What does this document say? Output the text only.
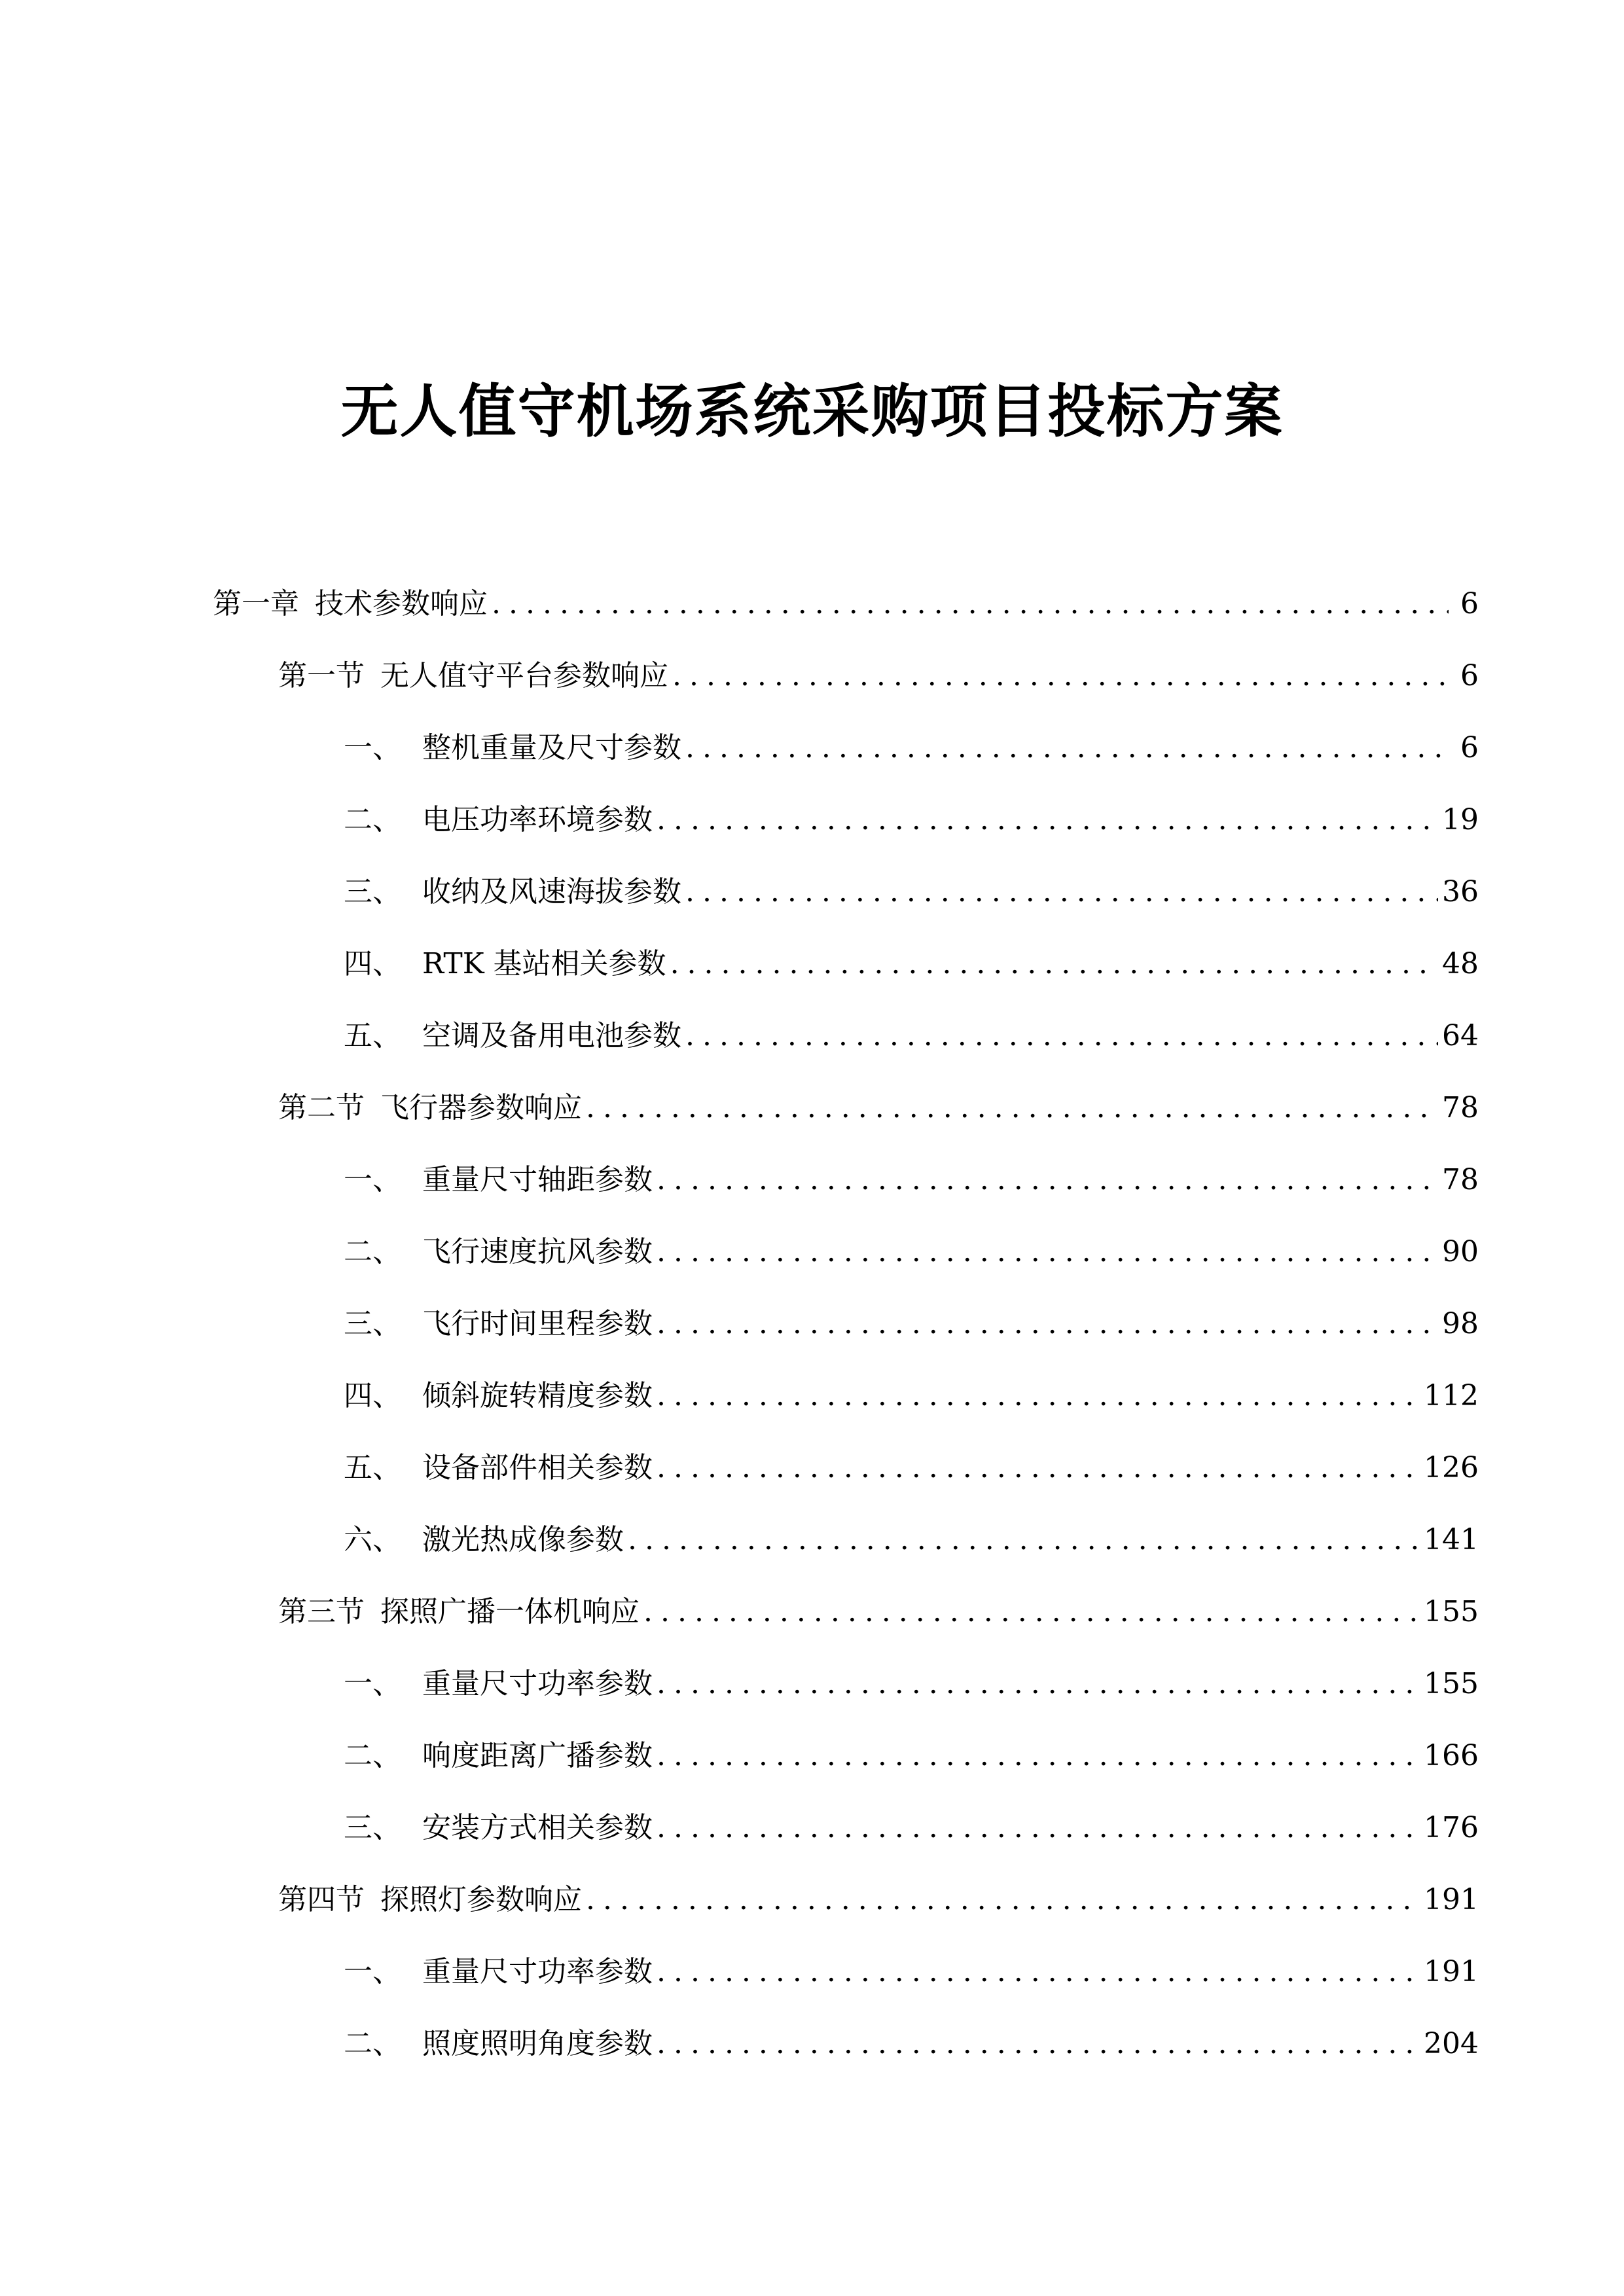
无人值守机场系统采购项目投标方案
第一章 技术参数响应 .....	6
第一节 无人值守平台参数响应 .....	6
一、 整机重量及尺寸参数 .....	6
二、 电压功率环境参数 .....	19
三、 收纳及风速海拔参数 .....	36
四、 RTK 基站相关参数 .....	48
五、 空调及备用电池参数 .....	64
第二节 飞行器参数响应 .....	78
一、 重量尺寸轴距参数 .....	78
二、 飞行速度抗风参数 .....	90
三、 飞行时间里程参数 .....	98
四、 倾斜旋转精度参数 .....	112
五、 设备部件相关参数 .....	126
六、 激光热成像参数 .....	141
第三节 探照广播一体机响应 .....	155
一、 重量尺寸功率参数 .....	155
二、 响度距离广播参数 .....	166
三、 安装方式相关参数 .....	176
第四节 探照灯参数响应 .....	191
一、 重量尺寸功率参数 .....	191
二、 照度照明角度参数 .....	204
